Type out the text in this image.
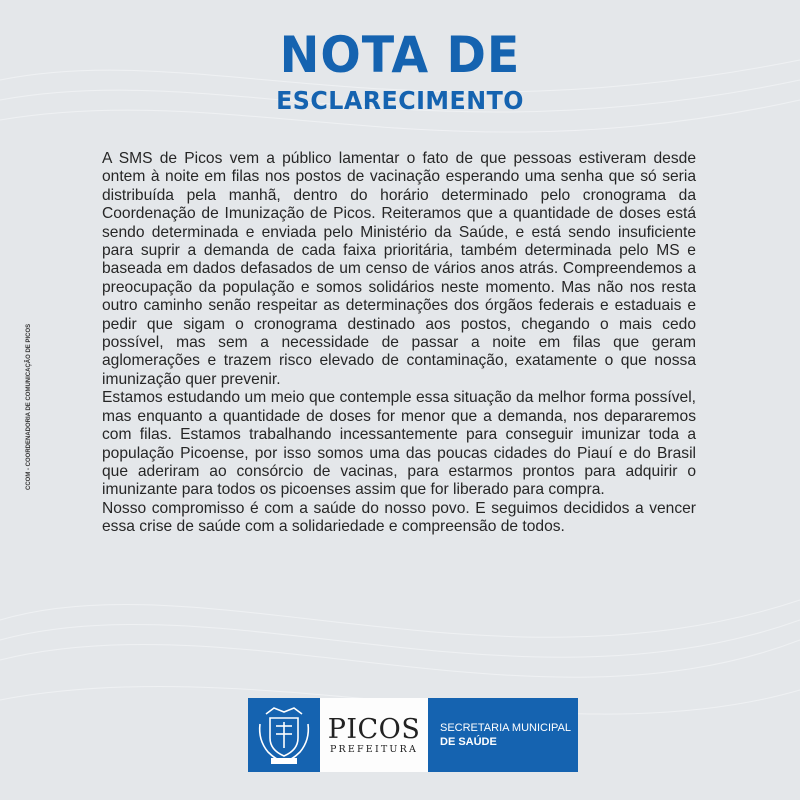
NOTA DE
ESCLARECIMENTO
CCOM - COORDENADORIA DE COMUNICAÇÃO DE PICOS

A SMS de Picos vem a público lamentar o fato de que pessoas estiveram desde ontem à noite em filas nos postos de vacinação esperando uma senha que só seria distribuída pela manhã, dentro do horário determinado pelo cronograma da Coordenação de Imunização de Picos. Reiteramos que a quantidade de doses está sendo determinada e enviada pelo Ministério da Saúde, e está sendo insuficiente para suprir a demanda de cada faixa prioritária, também determinada pelo MS e baseada em dados defasados de um censo de vários anos atrás. Compreendemos a preocupação da população e somos solidários neste momento. Mas não nos resta outro caminho senão respeitar as determinações dos órgãos federais e estaduais e pedir que sigam o cronograma destinado aos postos, chegando o mais cedo possível, mas sem a necessidade de passar a noite em filas que geram aglomerações e trazem risco elevado de contaminação, exatamente o que nossa imunização quer prevenir.

Estamos estudando um meio que contemple essa situação da melhor forma possível, mas enquanto a quantidade de doses for menor que a demanda, nos depararemos com filas. Estamos trabalhando incessantemente para conseguir imunizar toda a população Picoense, por isso somos uma das poucas cidades do Piauí e do Brasil que aderiram ao consórcio de vacinas, para estarmos prontos para adquirir o imunizante para todos os picoenses assim que for liberado para compra.

Nosso compromisso é com a saúde do nosso povo. E seguimos decididos a vencer essa crise de saúde com a solidariedade e compreensão de todos.

PICOS
PREFEITURA
SECRETARIA MUNICIPAL
DE SAÚDE
